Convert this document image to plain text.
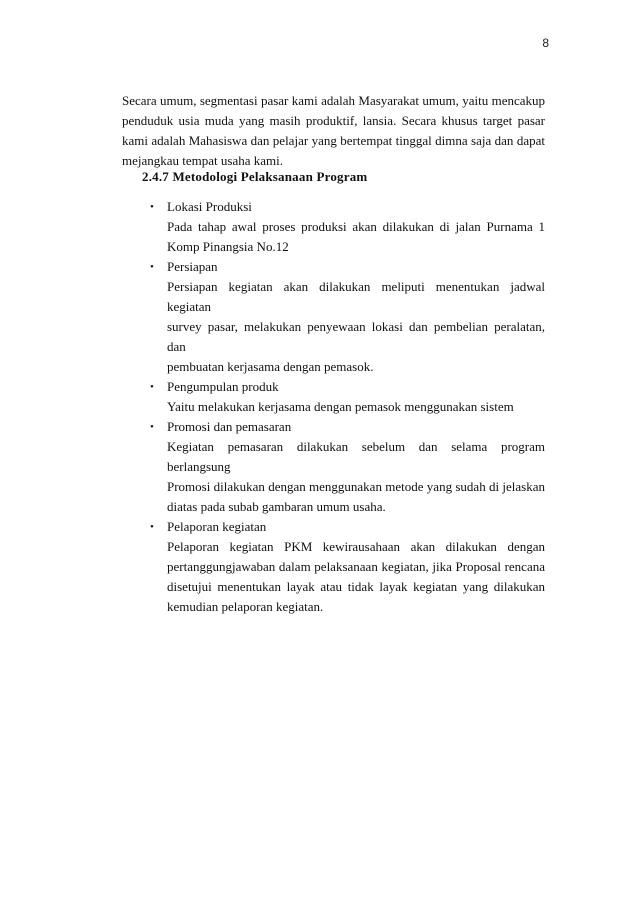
8

Secara umum, segmentasi pasar kami adalah Masyarakat umum, yaitu mencakup
penduduk usia muda yang masih produktif, lansia. Secara khusus target pasar
kami adalah Mahasiswa dan pelajar yang bertempat tinggal dimna saja dan dapat
mejangkau tempat usaha kami.

2.4.7 Metodologi Pelaksanaan Program
• Lokasi Produksi
Pada tahap awal proses produksi akan dilakukan di jalan Purnama 1
Komp Pinangsia No.12
• Persiapan
Persiapan kegiatan akan dilakukan meliputi menentukan jadwal kegiatan
survey pasar, melakukan penyewaan lokasi dan pembelian peralatan, dan
pembuatan kerjasama dengan pemasok.
• Pengumpulan produk
Yaitu melakukan kerjasama dengan pemasok menggunakan sistem
• Promosi dan pemasaran
Kegiatan pemasaran dilakukan sebelum dan selama program berlangsung
Promosi dilakukan dengan menggunakan metode yang sudah di jelaskan
diatas pada subab gambaran umum usaha.
• Pelaporan kegiatan
Pelaporan kegiatan PKM kewirausahaan akan dilakukan dengan
pertanggungjawaban dalam pelaksanaan kegiatan, jika Proposal rencana
disetujui menentukan layak atau tidak layak kegiatan yang dilakukan
kemudian pelaporan kegiatan.
